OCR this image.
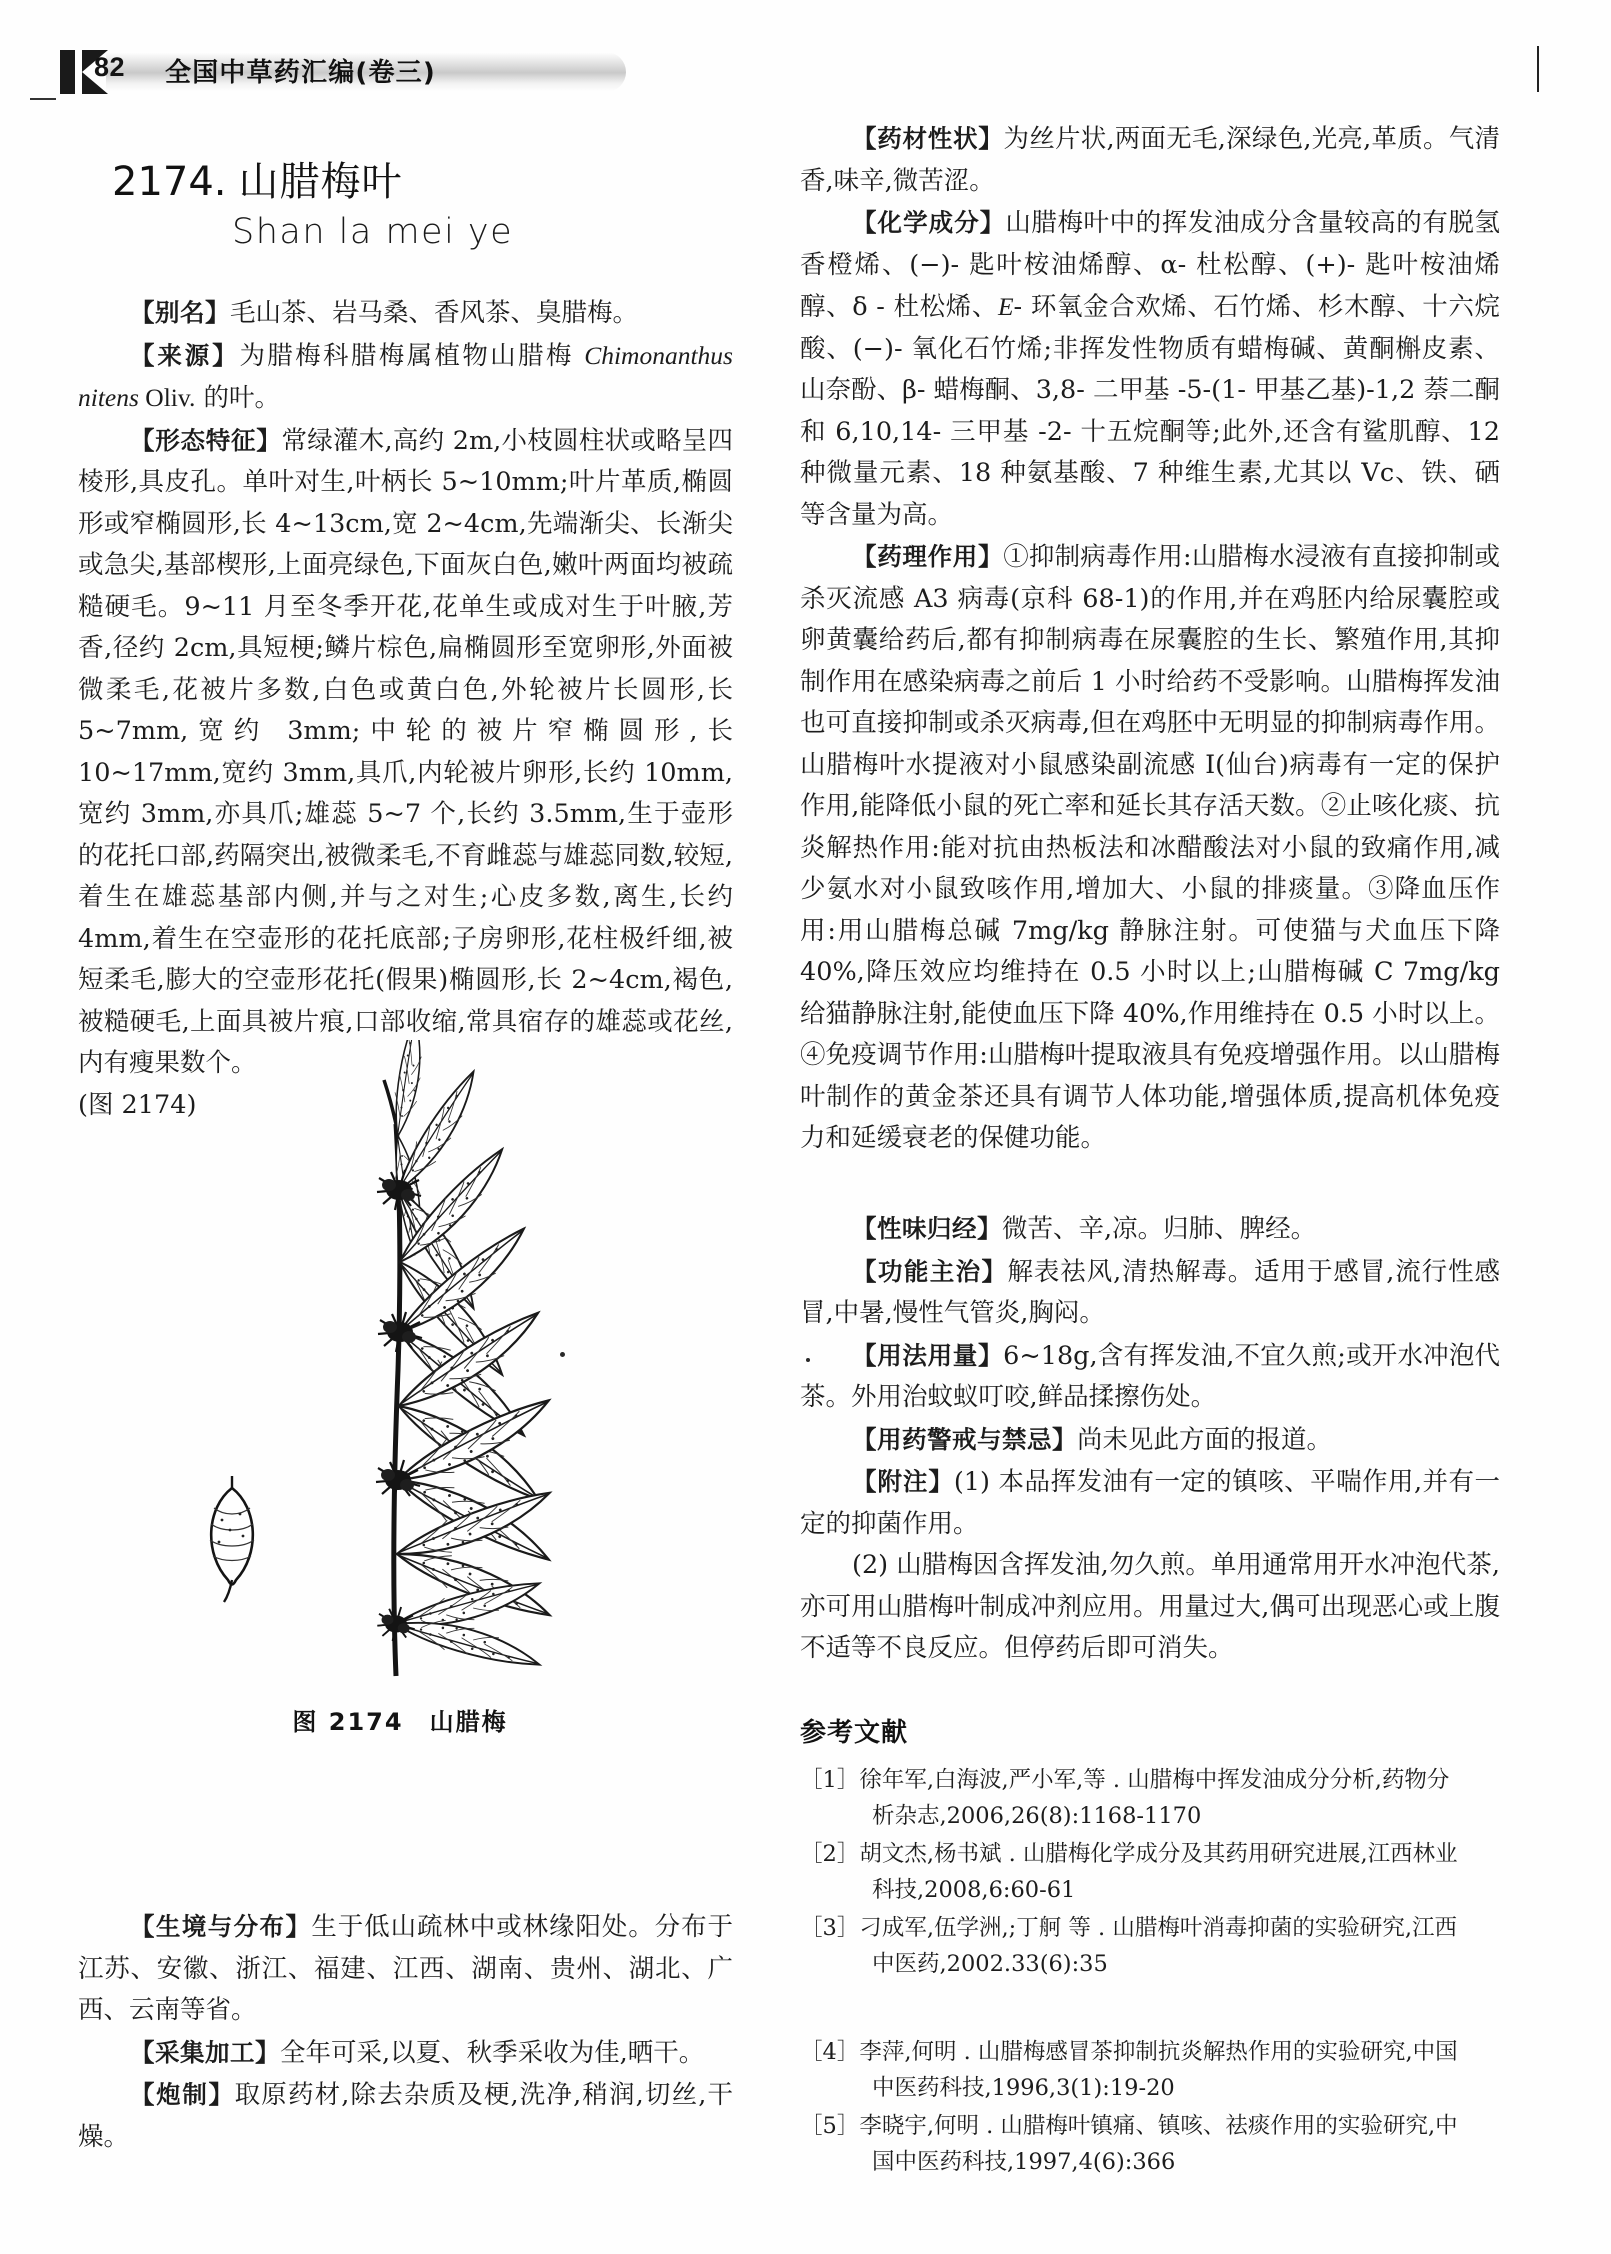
82 全国中草药汇编(卷三)
2174. 山腊梅叶
Shan la mei ye

【别名】毛山茶、岩马桑、香风茶、臭腊梅。

【来源】为腊梅科腊梅属植物山腊梅 Chimonanthus nitens Oliv. 的叶。

【形态特征】常绿灌木,高约 2m,小枝圆柱状或略呈四棱形,具皮孔。单叶对生,叶柄长 5~10mm;叶片革质,椭圆形或窄椭圆形,长 4~13cm,宽 2~4cm,先端渐尖、长渐尖或急尖,基部楔形,上面亮绿色,下面灰白色,嫩叶两面均被疏糙硬毛。9~11 月至冬季开花,花单生或成对生于叶腋,芳香,径约 2cm,具短梗;鳞片棕色,扁椭圆形至宽卵形,外面被微柔毛,花被片多数,白色或黄白色,外轮被片长圆形,长 5~7mm,宽约 3mm;中轮的被片窄椭圆形,长 10~17mm,宽约 3mm,具爪,内轮被片卵形,长约 10mm,宽约 3mm,亦具爪;雄蕊 5~7 个,长约 3.5mm,生于壶形的花托口部,药隔突出,被微柔毛,不育雌蕊与雄蕊同数,较短,着生在雄蕊基部内侧,并与之对生;心皮多数,离生,长约 4mm,着生在空壶形的花托底部;子房卵形,花柱极纤细,被短柔毛,膨大的空壶形花托(假果)椭圆形,长 2~4cm,褐色,被糙硬毛,上面具被片痕,口部收缩,常具宿存的雄蕊或花丝,内有瘦果数个。

(图 2174)

图 2174 山腊梅

【生境与分布】生于低山疏林中或林缘阳处。分布于江苏、安徽、浙江、福建、江西、湖南、贵州、湖北、广西、云南等省。

【采集加工】全年可采,以夏、秋季采收为佳,晒干。

【炮制】取原药材,除去杂质及梗,洗净,稍润,切丝,干燥。

【药材性状】为丝片状,两面无毛,深绿色,光亮,革质。气清香,味辛,微苦涩。

【化学成分】山腊梅叶中的挥发油成分含量较高的有脱氢香橙烯、(−)- 匙叶桉油烯醇、α- 杜松醇、(+)- 匙叶桉油烯醇、δ - 杜松烯、E- 环氧金合欢烯、石竹烯、杉木醇、十六烷酸、(−)- 氧化石竹烯;非挥发性物质有蜡梅碱、黄酮槲皮素、山奈酚、β- 蜡梅酮、3,8- 二甲基 -5-(1- 甲基乙基)-1,2 萘二酮和 6,10,14- 三甲基 -2- 十五烷酮等;此外,还含有鲨肌醇、12 种微量元素、18 种氨基酸、7 种维生素,尤其以 Vc、铁、硒等含量为高。

【药理作用】①抑制病毒作用:山腊梅水浸液有直接抑制或杀灭流感 A3 病毒(京科 68-1)的作用,并在鸡胚内给尿囊腔或卵黄囊给药后,都有抑制病毒在尿囊腔的生长、繁殖作用,其抑制作用在感染病毒之前后 1 小时给药不受影响。山腊梅挥发油也可直接抑制或杀灭病毒,但在鸡胚中无明显的抑制病毒作用。山腊梅叶水提液对小鼠感染副流感 I(仙台)病毒有一定的保护作用,能降低小鼠的死亡率和延长其存活天数。②止咳化痰、抗炎解热作用:能对抗由热板法和冰醋酸法对小鼠的致痛作用,减少氨水对小鼠致咳作用,增加大、小鼠的排痰量。③降血压作用:用山腊梅总碱 7mg/kg 静脉注射。可使猫与犬血压下降 40%,降压效应均维持在 0.5 小时以上;山腊梅碱 C 7mg/kg 给猫静脉注射,能使血压下降 40%,作用维持在 0.5 小时以上。④免疫调节作用:山腊梅叶提取液具有免疫增强作用。以山腊梅叶制作的黄金茶还具有调节人体功能,增强体质,提高机体免疫力和延缓衰老的保健功能。

【性味归经】微苦、辛,凉。归肺、脾经。

【功能主治】解表祛风,清热解毒。适用于感冒,流行性感冒,中暑,慢性气管炎,胸闷。

【用法用量】6~18g,含有挥发油,不宜久煎;或开水冲泡代茶。外用治蚊蚁叮咬,鲜品揉擦伤处。

【用药警戒与禁忌】尚未见此方面的报道。

【附注】(1) 本品挥发油有一定的镇咳、平喘作用,并有一定的抑菌作用。

(2) 山腊梅因含挥发油,勿久煎。单用通常用开水冲泡代茶,亦可用山腊梅叶制成冲剂应用。用量过大,偶可出现恶心或上腹不适等不良反应。但停药后即可消失。

参考文献
［1］徐年军,白海波,严小军,等 . 山腊梅中挥发油成分分析,药物分析杂志,2006,26(8):1168-1170
［2］胡文杰,杨书斌 . 山腊梅化学成分及其药用研究进展,江西林业科技,2008,6:60-61
［3］刁成军,伍学洲,;丁舸 等 . 山腊梅叶消毒抑菌的实验研究,江西中医药,2002.33(6):35
［4］李萍,何明 . 山腊梅感冒茶抑制抗炎解热作用的实验研究,中国中医药科技,1996,3(1):19-20
［5］李晓宇,何明 . 山腊梅叶镇痛、镇咳、祛痰作用的实验研究,中国中医药科技,1997,4(6):366
